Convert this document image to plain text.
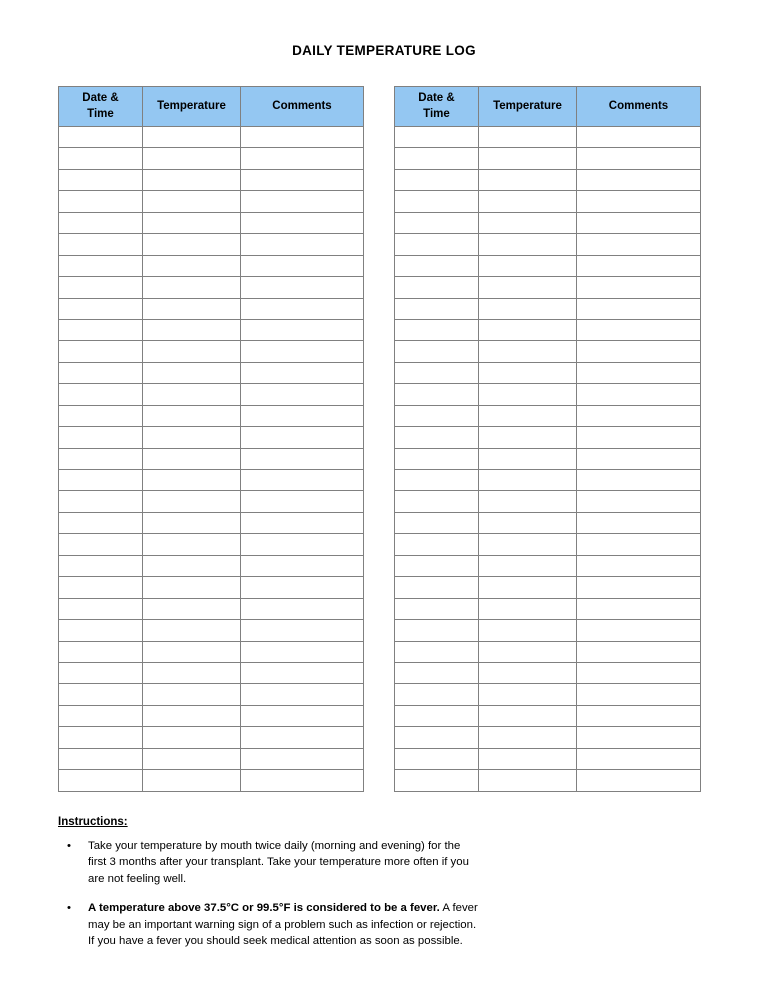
DAILY TEMPERATURE LOG
Date &
Time	Temperature	Comments

Date &
Time	Temperature	Comments

Instructions:
• Take your temperature by mouth twice daily (morning and evening) for the first 3 months after your transplant. Take your temperature more often if you are not feeling well.
• A temperature above 37.5°C or 99.5°F is considered to be a fever. A fever may be an important warning sign of a problem such as infection or rejection. If you have a fever you should seek medical attention as soon as possible.
